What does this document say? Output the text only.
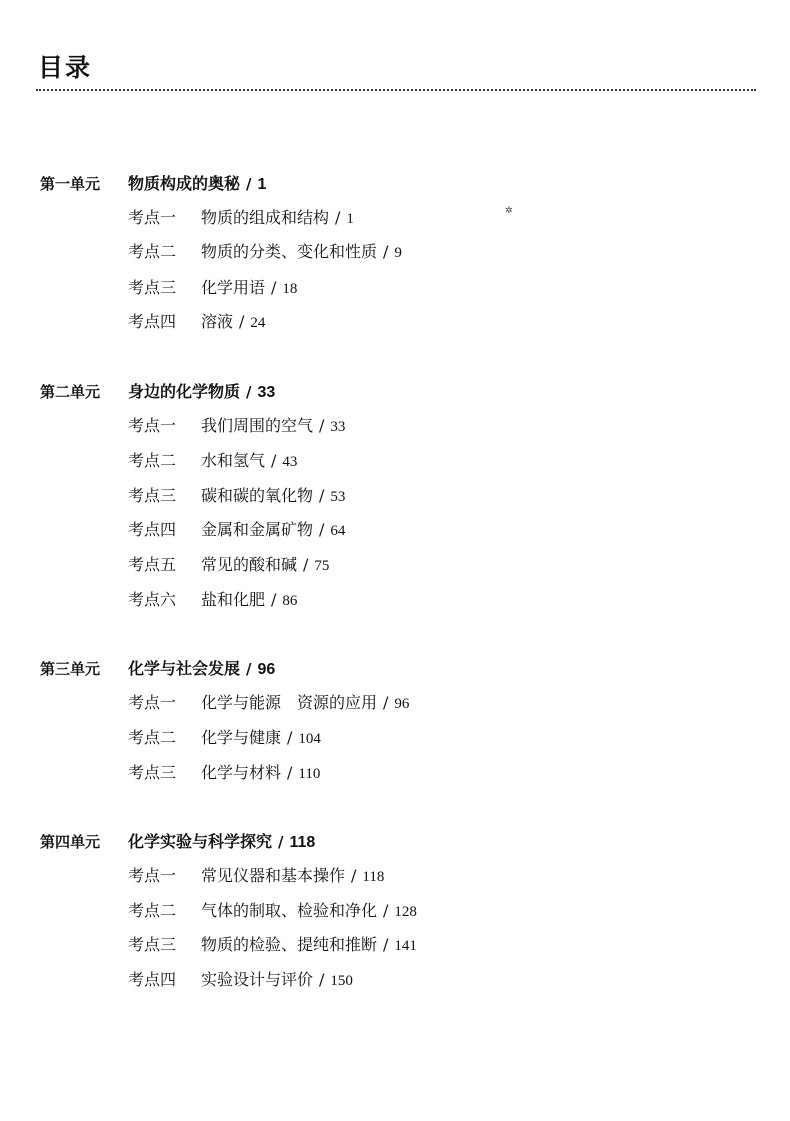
目录
✲
第一单元	物质构成的奥秘 / 1
考点一	物质的组成和结构 / 1
考点二	物质的分类、变化和性质 / 9
考点三	化学用语 / 18
考点四	溶液 / 24
第二单元	身边的化学物质 / 33
考点一	我们周围的空气 / 33
考点二	水和氢气 / 43
考点三	碳和碳的氧化物 / 53
考点四	金属和金属矿物 / 64
考点五	常见的酸和碱 / 75
考点六	盐和化肥 / 86
第三单元	化学与社会发展 / 96
考点一	化学与能源　资源的应用 / 96
考点二	化学与健康 / 104
考点三	化学与材料 / 110
第四单元	化学实验与科学探究 / 118
考点一	常见仪器和基本操作 / 118
考点二	气体的制取、检验和净化 / 128
考点三	物质的检验、提纯和推断 / 141
考点四	实验设计与评价 / 150
